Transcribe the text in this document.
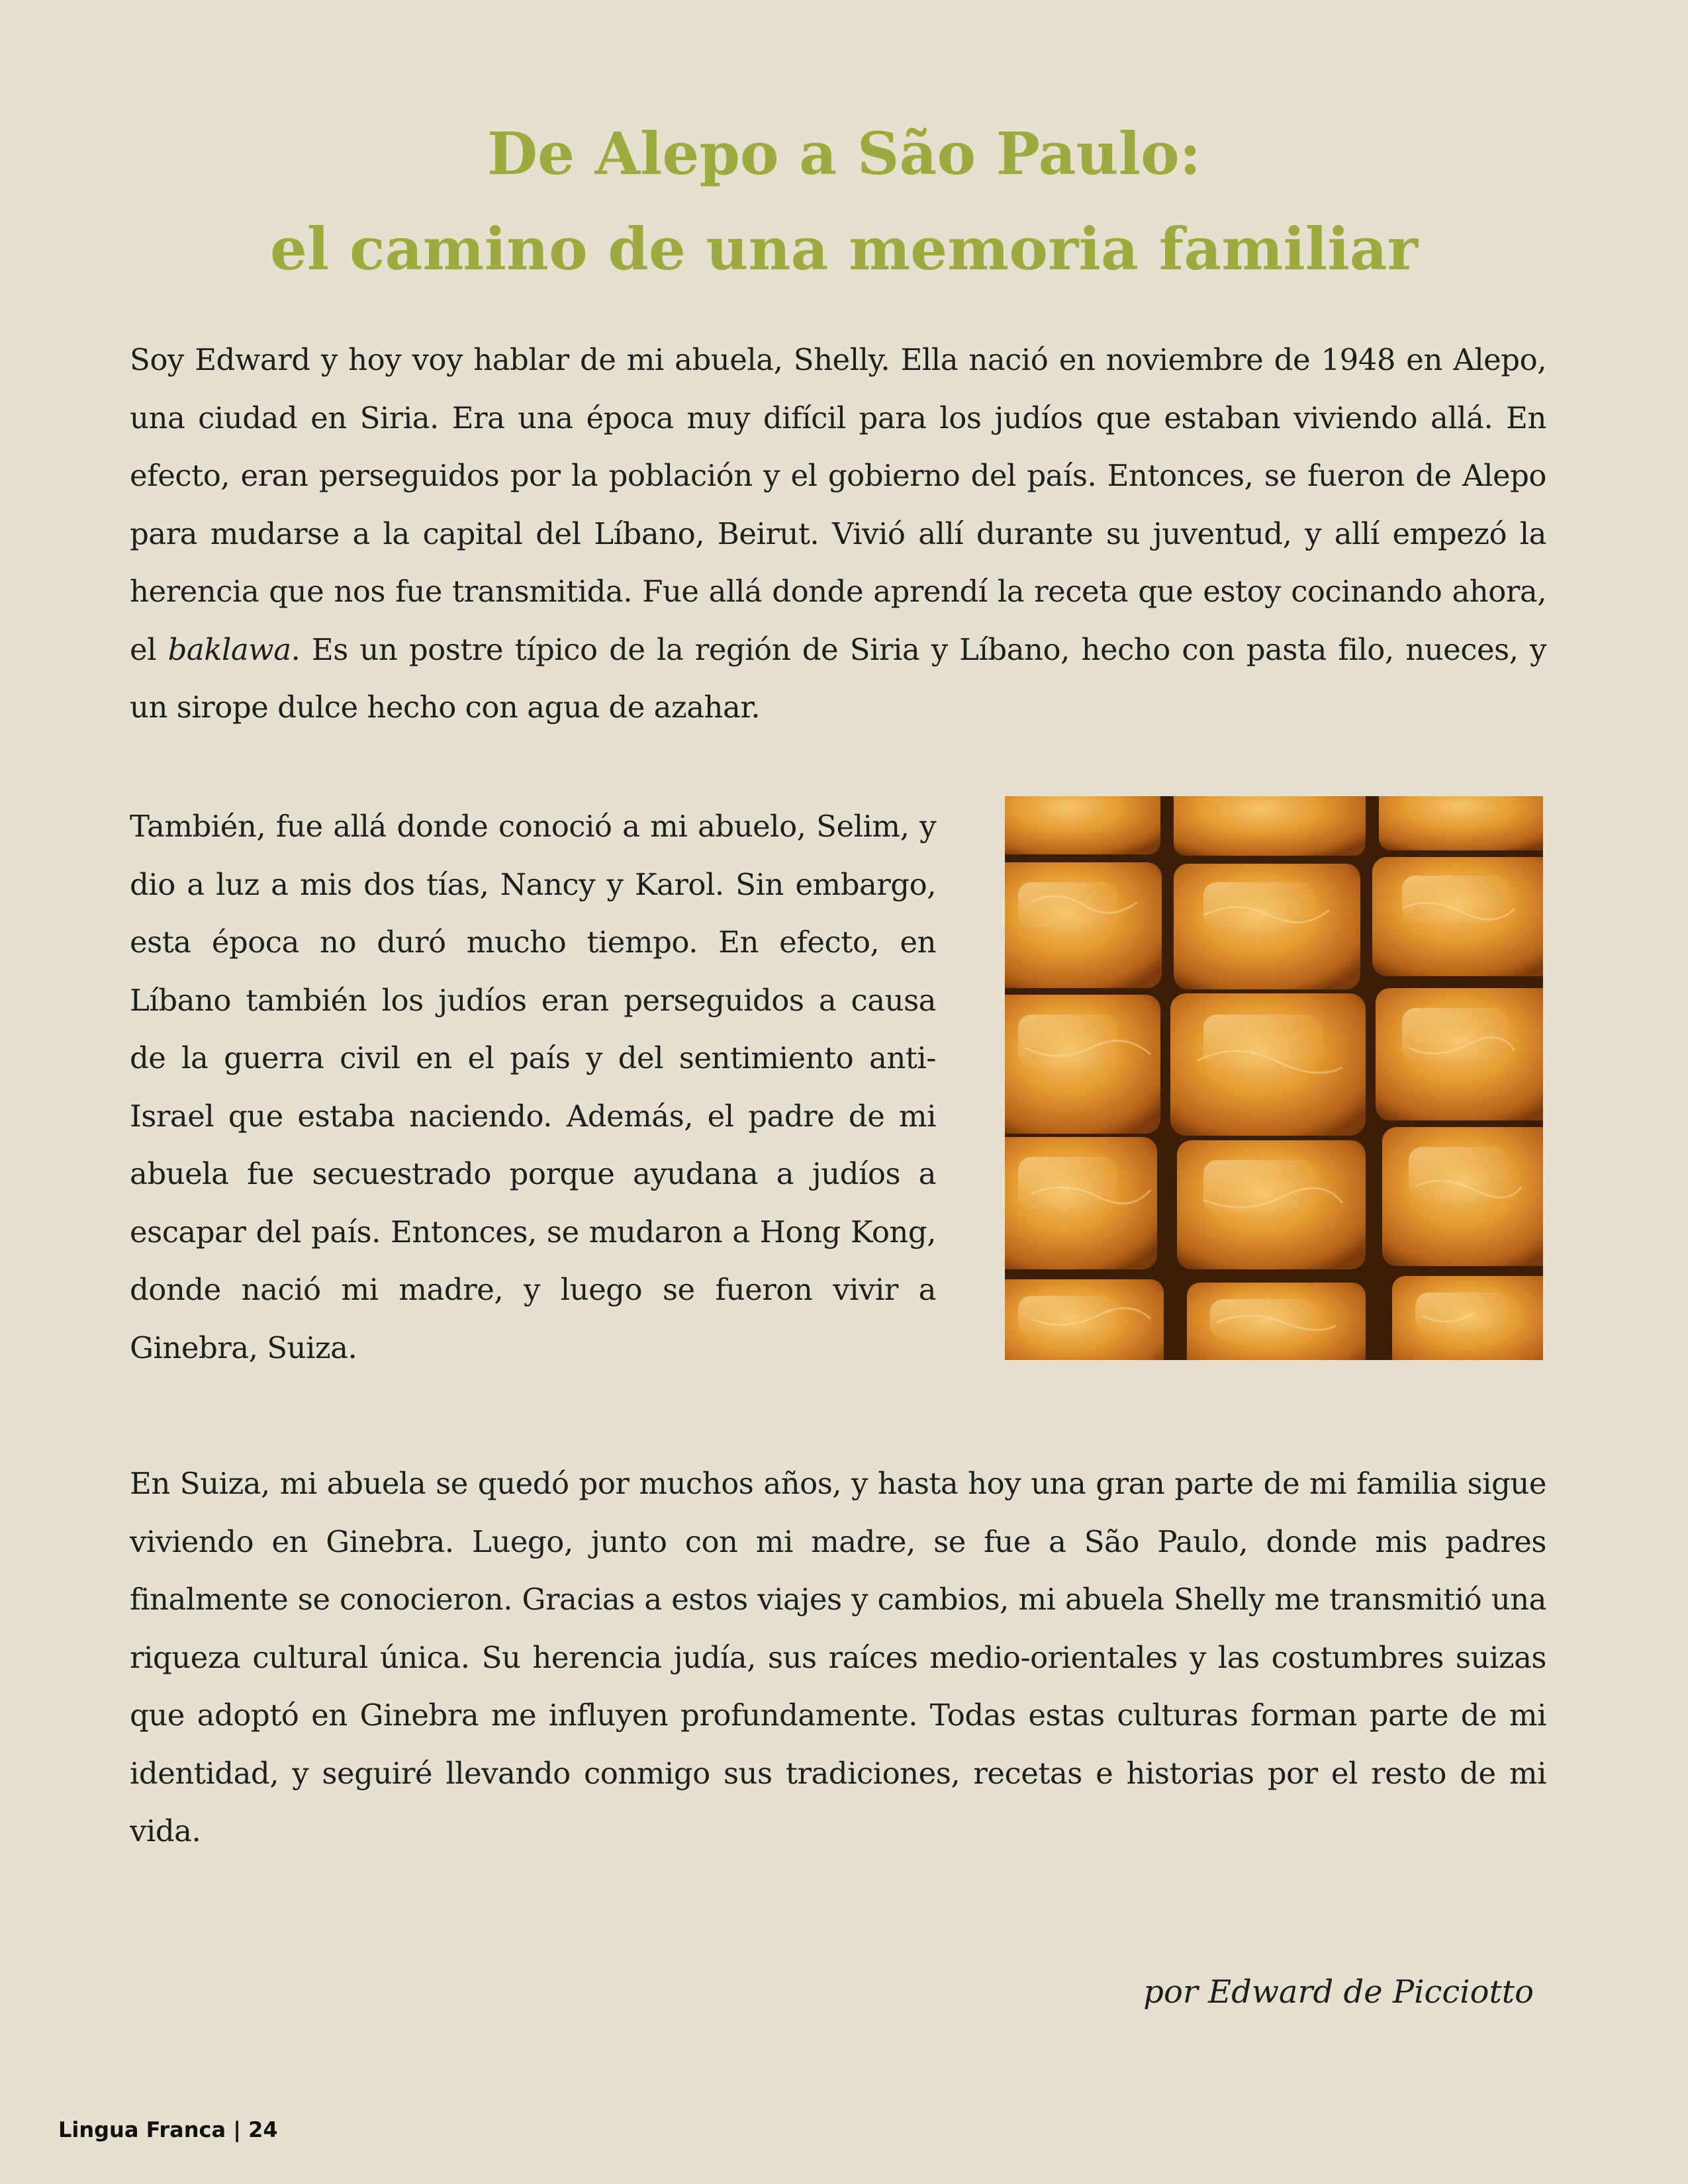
De Alepo a São Paulo:
el camino de una memoria familiar

Soy Edward y hoy voy hablar de mi abuela, Shelly. Ella nació en noviembre de 1948 en Alepo, una ciudad en Siria. Era una época muy difícil para los judíos que estaban viviendo allá. En efecto, eran perseguidos por la población y el gobierno del país. Entonces, se fueron de Alepo para mudarse a la capital del Líbano, Beirut. Vivió allí durante su juventud, y allí empezó la herencia que nos fue transmitida. Fue allá donde aprendí la receta que estoy cocinando ahora, el baklawa. Es un postre típico de la región de Siria y Líbano, hecho con pasta filo, nueces, y un sirope dulce hecho con agua de azahar.

También, fue allá donde conoció a mi abuelo, Selim, y dio a luz a mis dos tías, Nancy y Karol. Sin embargo, esta época no duró mucho tiempo. En efecto, en Líbano también los judíos eran perseguidos a causa de la guerra civil en el país y del sentimiento anti-Israel que estaba naciendo. Además, el padre de mi abuela fue secuestrado porque ayudana a judíos a escapar del país. Entonces, se mudaron a Hong Kong, donde nació mi madre, y luego se fueron vivir a Ginebra, Suiza.

En Suiza, mi abuela se quedó por muchos años, y hasta hoy una gran parte de mi familia sigue viviendo en Ginebra. Luego, junto con mi madre, se fue a São Paulo, donde mis padres finalmente se conocieron. Gracias a estos viajes y cambios, mi abuela Shelly me transmitió una riqueza cultural única. Su herencia judía, sus raíces medio-orientales y las costumbres suizas que adoptó en Ginebra me influyen profundamente. Todas estas culturas forman parte de mi identidad, y seguiré llevando conmigo sus tradiciones, recetas e historias por el resto de mi vida.

por Edward de Picciotto
Lingua Franca | 24
